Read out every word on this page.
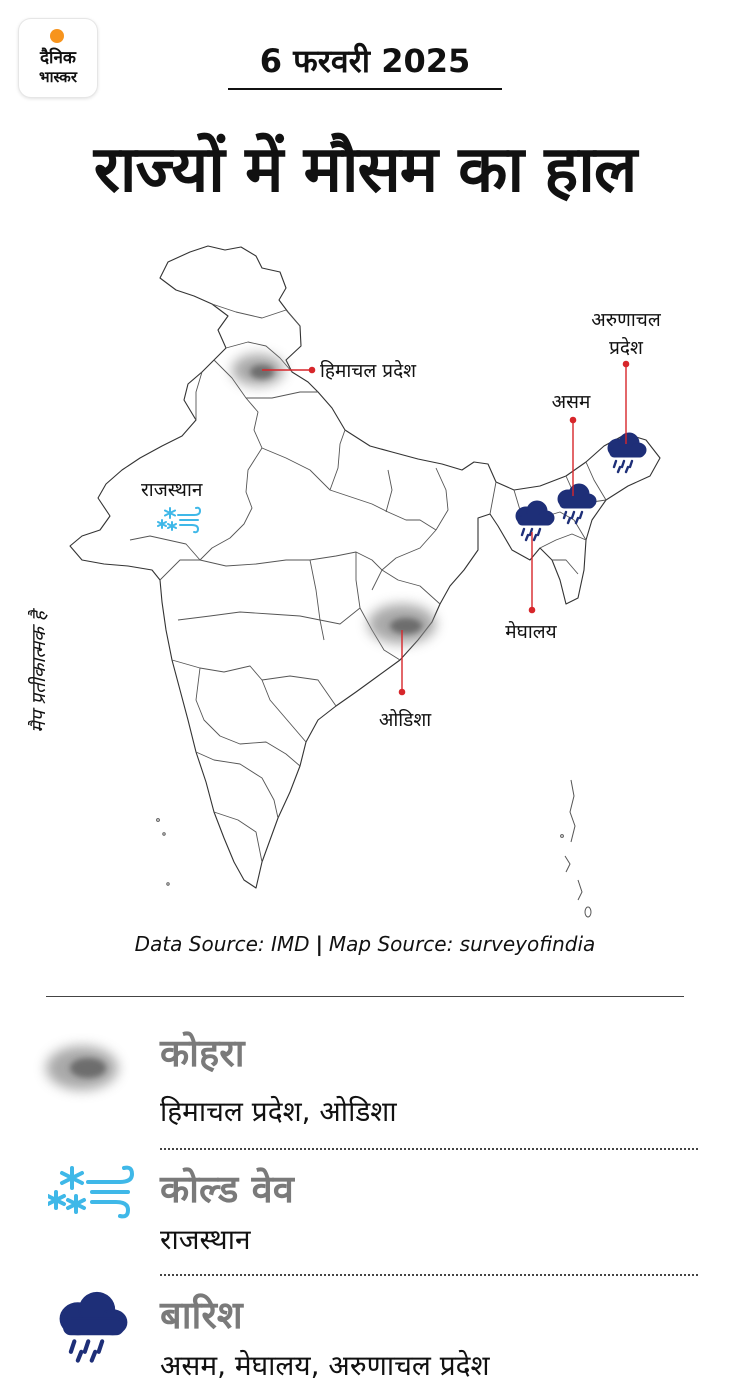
दैनिक
भास्कर	6 फरवरी 2025
राज्यों में मौसम का हाल
हिमाचल प्रदेश
राजस्थान
अरुणाचल
प्रदेश
असम
मेघालय
ओडिशा
मैप प्रतीकात्मक है
Data Source: IMD | Map Source: surveyofindia
कोहरा
हिमाचल प्रदेश, ओडिशा
कोल्ड वेव
राजस्थान
बारिश
असम, मेघालय, अरुणाचल प्रदेश
